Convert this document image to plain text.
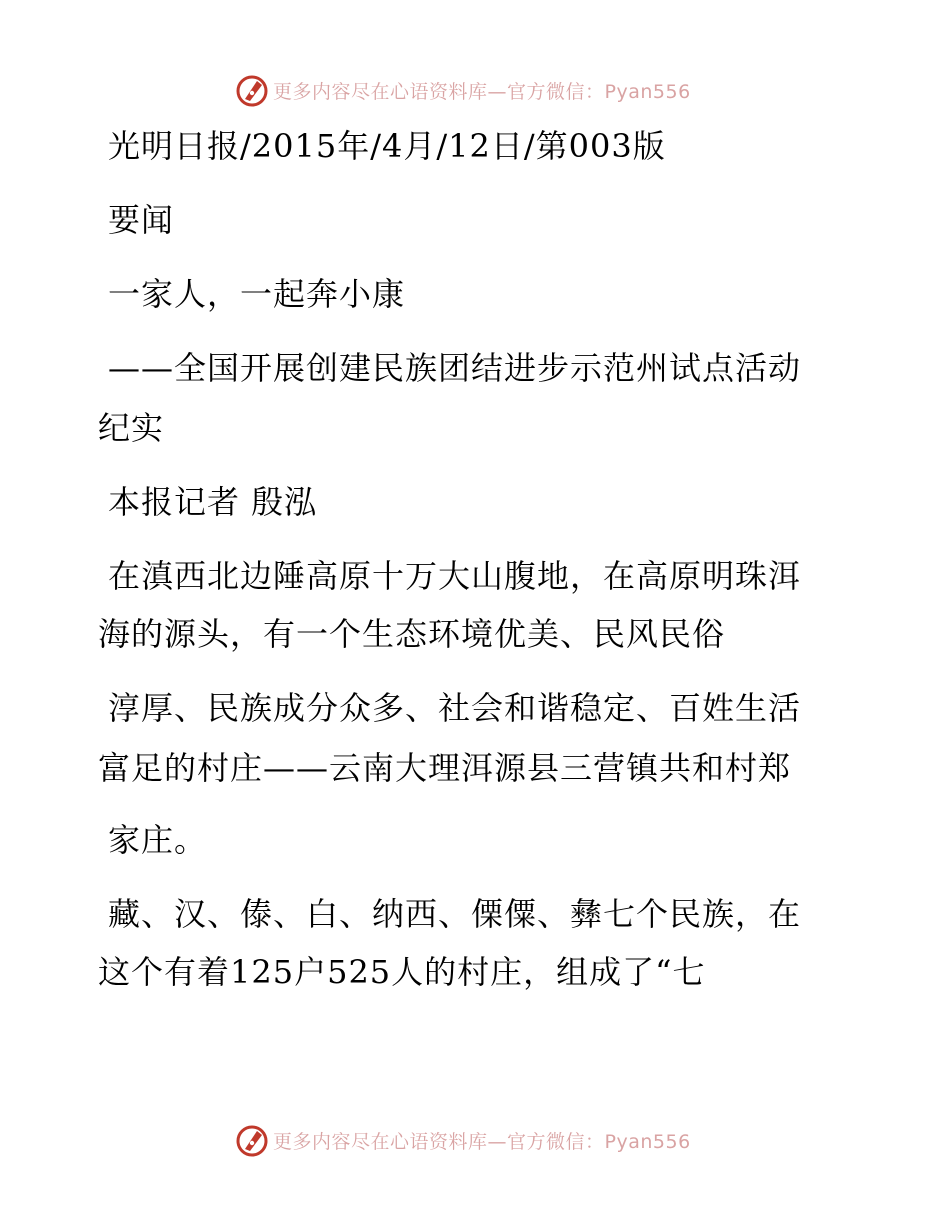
更多内容尽在心语资料库—官方微信：Pyan556
光明日报/2015年/4月/12日/第003版
要闻
一家人，一起奔小康
——全国开展创建民族团结进步示范州试点活动
纪实
本报记者 殷泓
在滇西北边陲高原十万大山腹地，在高原明珠洱
海的源头，有一个生态环境优美、民风民俗
淳厚、民族成分众多、社会和谐稳定、百姓生活
富足的村庄——云南大理洱源县三营镇共和村郑
家庄。
藏、汉、傣、白、纳西、傈僳、彝七个民族，在
这个有着125户525人的村庄，组成了“七
更多内容尽在心语资料库—官方微信：Pyan556
